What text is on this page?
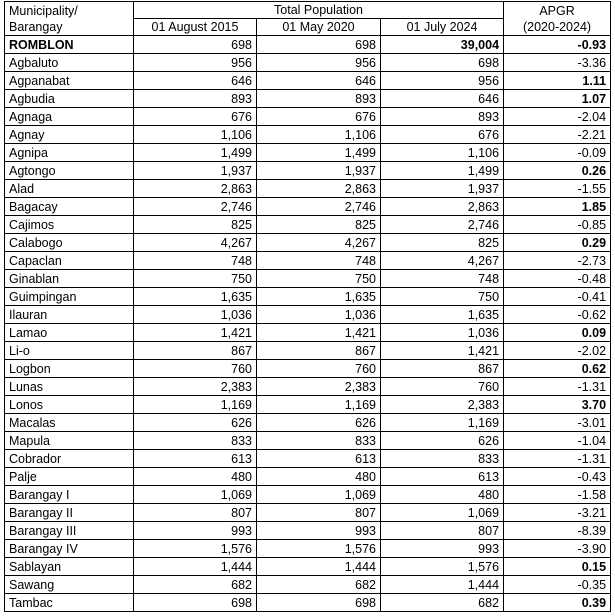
Municipality/
Barangay	Total Population			APGR
(2020-2024)
	01 August 2015	01 May 2020	01 July 2024	
ROMBLON	698	698	39,004	-0.93
Agbaluto	956	956	698	-3.36
Agpanabat	646	646	956	1.11
Agbudia	893	893	646	1.07
Agnaga	676	676	893	-2.04
Agnay	1,106	1,106	676	-2.21
Agnipa	1,499	1,499	1,106	-0.09
Agtongo	1,937	1,937	1,499	0.26
Alad	2,863	2,863	1,937	-1.55
Bagacay	2,746	2,746	2,863	1.85
Cajimos	825	825	2,746	-0.85
Calabogo	4,267	4,267	825	0.29
Capaclan	748	748	4,267	-2.73
Ginablan	750	750	748	-0.48
Guimpingan	1,635	1,635	750	-0.41
Ilauran	1,036	1,036	1,635	-0.62
Lamao	1,421	1,421	1,036	0.09
Li-o	867	867	1,421	-2.02
Logbon	760	760	867	0.62
Lunas	2,383	2,383	760	-1.31
Lonos	1,169	1,169	2,383	3.70
Macalas	626	626	1,169	-3.01
Mapula	833	833	626	-1.04
Cobrador	613	613	833	-1.31
Palje	480	480	613	-0.43
Barangay I	1,069	1,069	480	-1.58
Barangay II	807	807	1,069	-3.21
Barangay III	993	993	807	-8.39
Barangay IV	1,576	1,576	993	-3.90
Sablayan	1,444	1,444	1,576	0.15
Sawang	682	682	1,444	-0.35
Tambac	698	698	682	0.39
